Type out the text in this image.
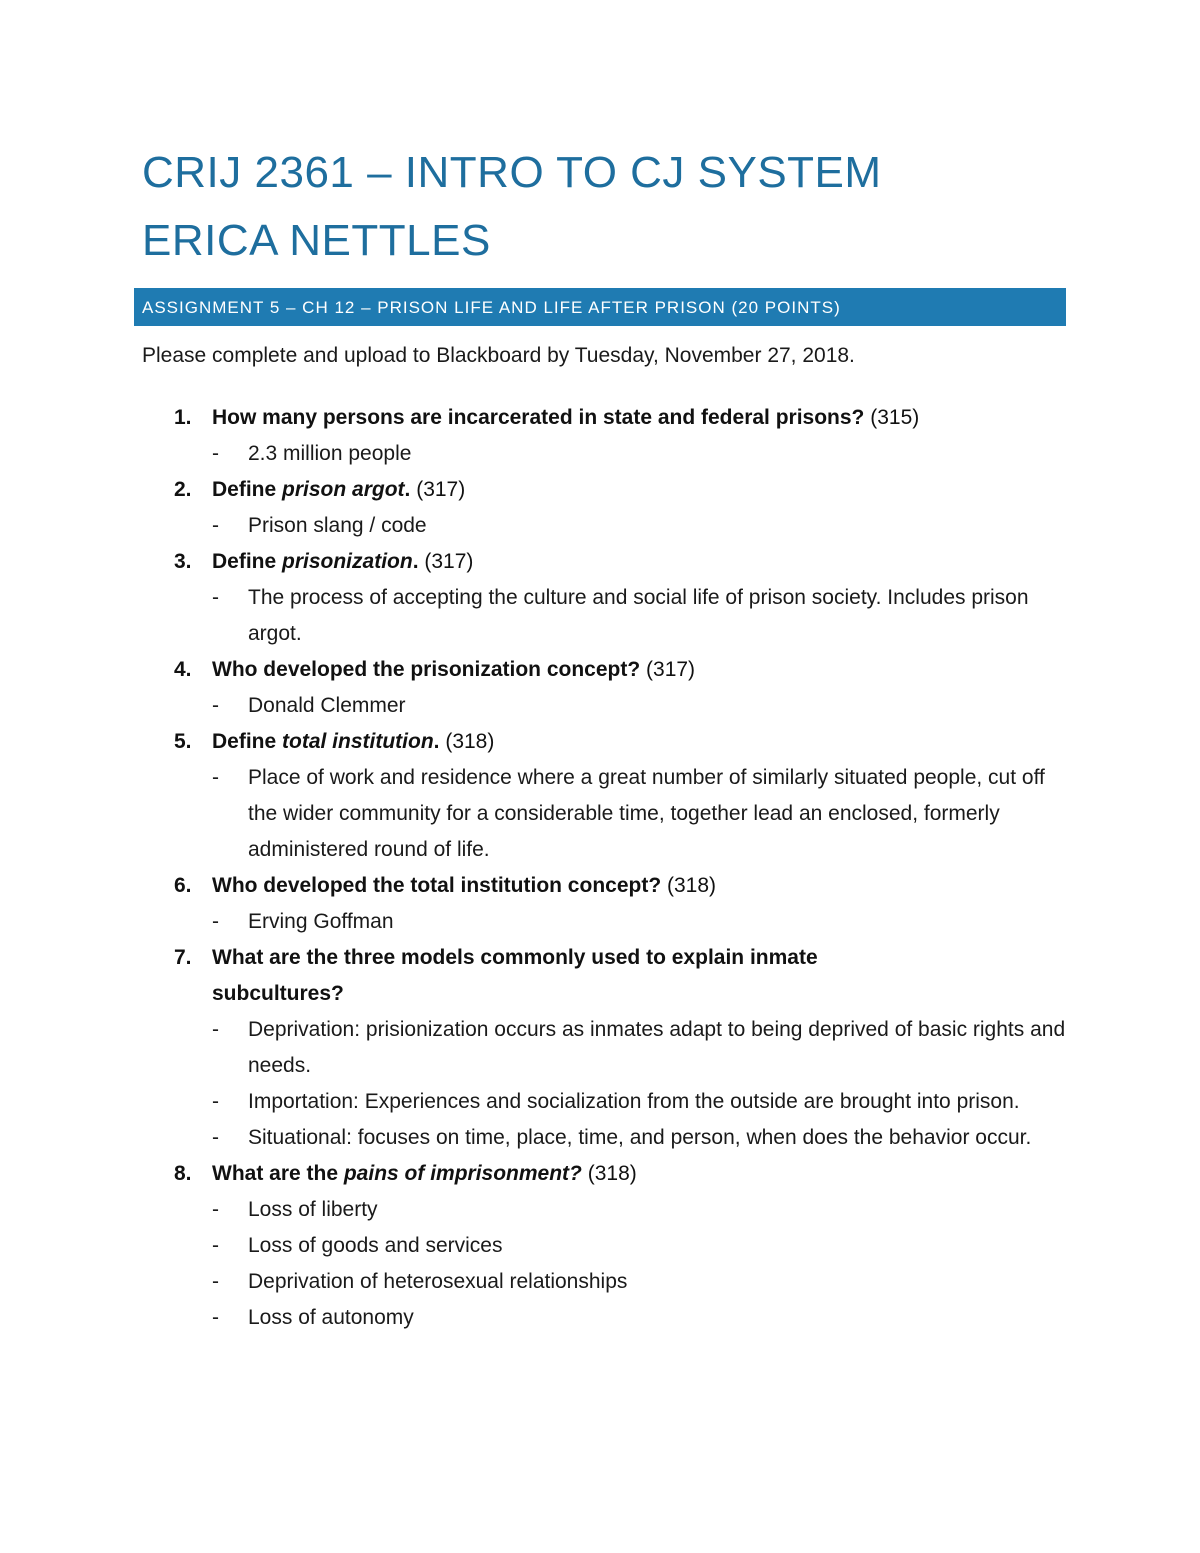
CRIJ 2361 – INTRO TO CJ SYSTEM
ERICA NETTLES
ASSIGNMENT 5 – CH 12 – PRISON LIFE AND LIFE AFTER PRISON (20 POINTS)
Please complete and upload to Blackboard by Tuesday, November 27, 2018.
1. How many persons are incarcerated in state and federal prisons? (315)
- 2.3 million people
2. Define prison argot. (317)
- Prison slang / code
3. Define prisonization. (317)
- The process of accepting the culture and social life of prison society. Includes prison argot.
4. Who developed the prisonization concept? (317)
- Donald Clemmer
5. Define total institution. (318)
- Place of work and residence where a great number of similarly situated people, cut off the wider community for a considerable time, together lead an enclosed, formerly administered round of life.
6. Who developed the total institution concept? (318)
- Erving Goffman
7. What are the three models commonly used to explain inmate subcultures?
- Deprivation: prisionization occurs as inmates adapt to being deprived of basic rights and needs.
- Importation: Experiences and socialization from the outside are brought into prison.
- Situational: focuses on time, place, time, and person, when does the behavior occur.
8. What are the pains of imprisonment? (318)
- Loss of liberty
- Loss of goods and services
- Deprivation of heterosexual relationships
- Loss of autonomy
